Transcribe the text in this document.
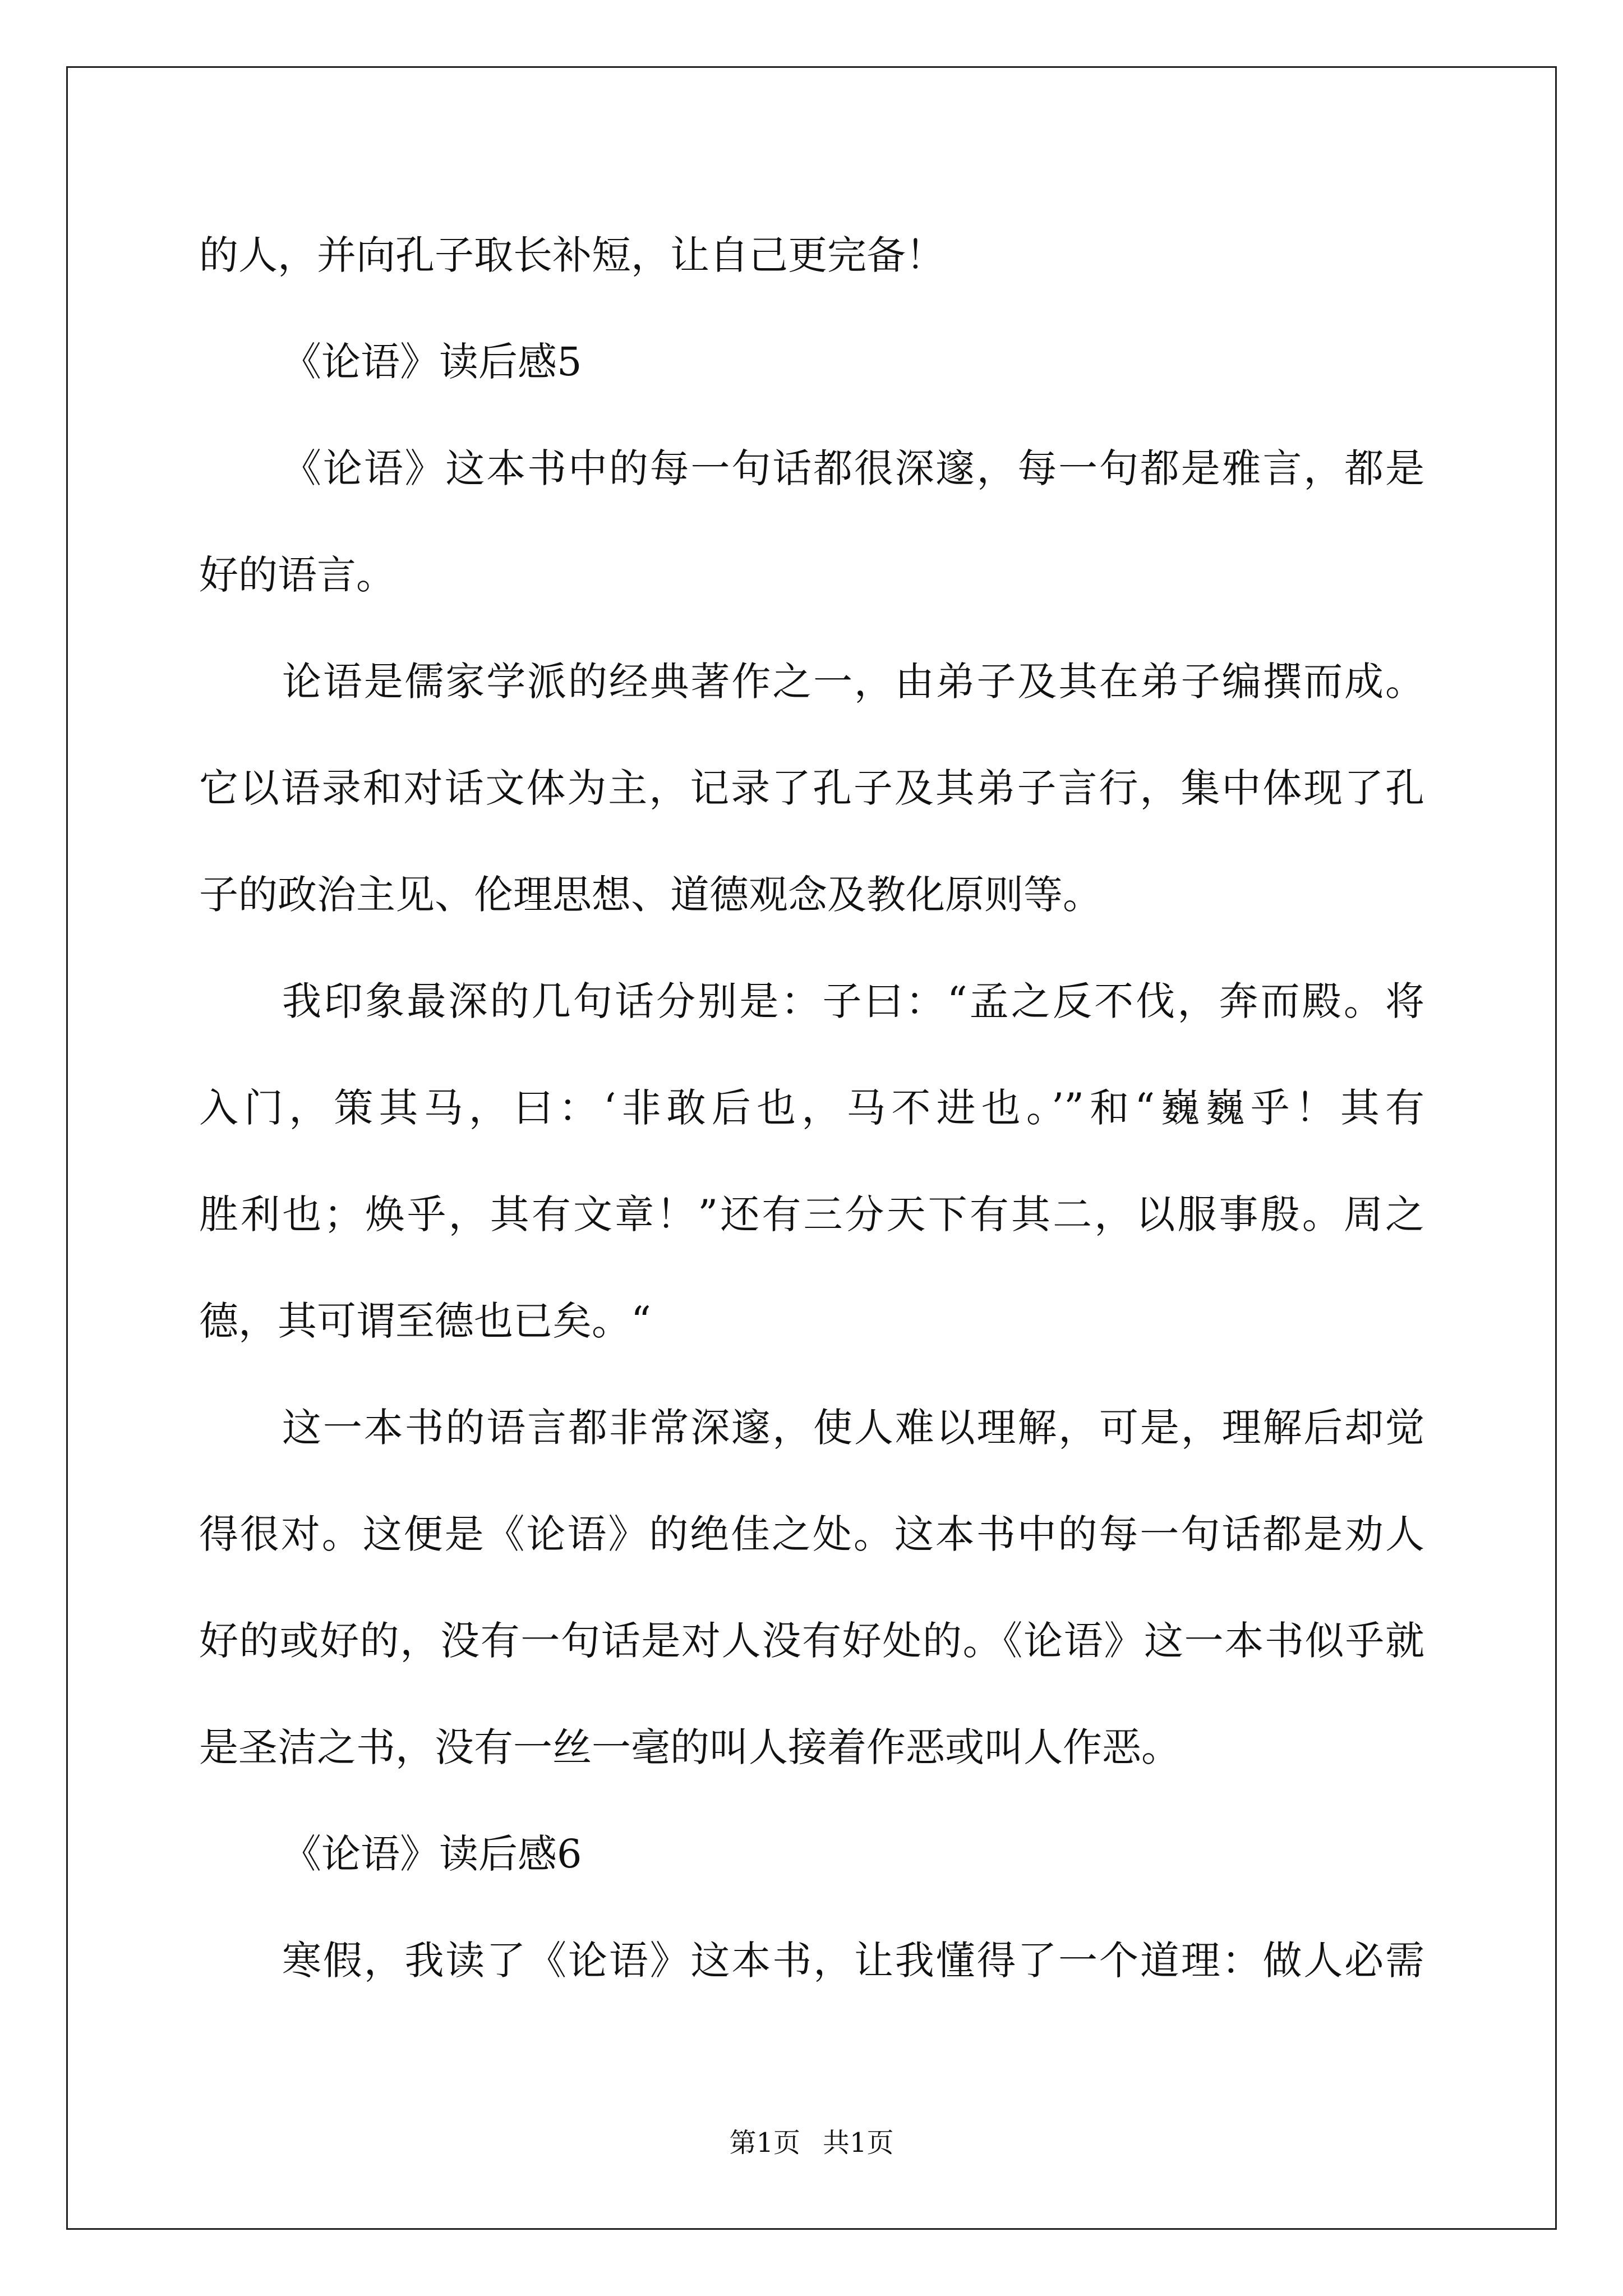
的人，并向孔子取长补短，让自己更完备！
《论语》读后感5
《论语》这本书中的每一句话都很深邃，每一句都是雅言，都是
好的语言。
论语是儒家学派的经典著作之一，由弟子及其在弟子编撰而成。
它以语录和对话文体为主，记录了孔子及其弟子言行，集中体现了孔
子的政治主见、伦理思想、道德观念及教化原则等。
我印象最深的几句话分别是：子曰：“孟之反不伐，奔而殿。将
入门，策其马，曰：‘非敢后也，马不进也。’”和“巍巍乎！其有
胜利也；焕乎，其有文章！”还有三分天下有其二，以服事殷。周之
德，其可谓至德也已矣。“
这一本书的语言都非常深邃，使人难以理解，可是，理解后却觉
得很对。这便是《论语》的绝佳之处。这本书中的每一句话都是劝人
好的或好的，没有一句话是对人没有好处的。《论语》这一本书似乎就
是圣洁之书，没有一丝一毫的叫人接着作恶或叫人作恶。
《论语》读后感6
寒假，我读了《论语》这本书，让我懂得了一个道理：做人必需
第1页 共1页
